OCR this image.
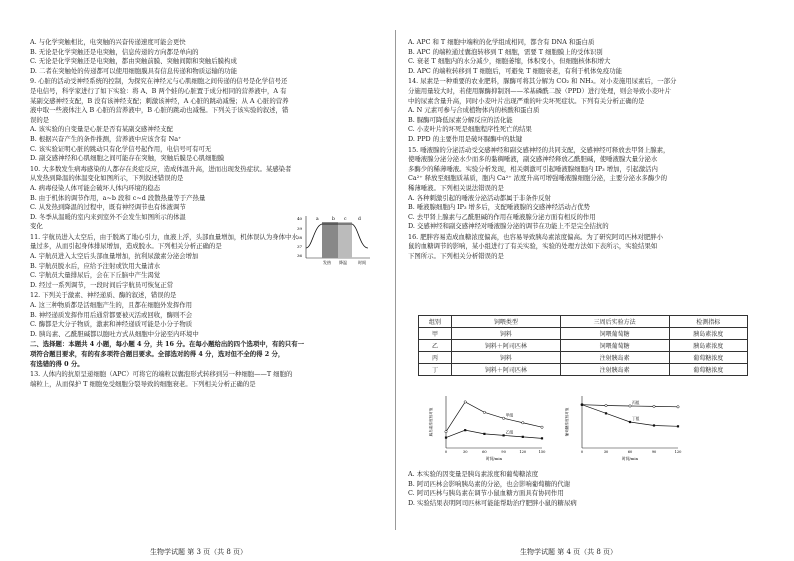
A. 与化学突触相比，电突触的兴奋传递速度可能会更快
B. 无论是化学突触还是电突触，信息传递的方向都是单向的
C. 无论是化学突触还是电突触，都由突触前膜、突触间隙和突触后膜构成
D. 二者在突触处的传递都可以使用细胞膜具有信息传递和物质运输的功能
9. 心脏的活动受神经系统的控制，为探究在神经元与心肌细胞之间传递的信号是化学信号还
是电信号，科学家进行了如下实验：将 A、B 两个蛙的心脏置于成分相同的营养液中，A 有
某副交感神经支配，B 没有该神经支配；刺激该神经，A 心脏的跳动减慢；从 A 心脏的营养
液中取一些液体注入 B 心脏的营养液中，B 心脏的跳动也减慢。下列关于该实验的叙述，错
误的是
A. 该实验的自变量是心脏是否有某副交感神经支配
B. 根据兴奋产生的条件推测，营养液中应该含有 Na⁺
C. 该实验证明心脏的跳动只有化学信号起作用，电信号可有可无
D. 副交感神经和心肌细胞之间可能存在突触，突触后膜是心肌细胞膜
10. 大多数发生病毒感染的人都存在炎症反应，造成体温升高，进而出现发热症状。某感染者
从发热到降温的体温变化如图所示，下列叙述错误的是
A. 病毒侵染人体可能会破坏人体内环境的稳态
B. 由于机体的调节作用，a~b 段和 c~d 段散热量等于产热量
C. 从发热到降温的过程中，既有神经调节也有体液调节
D. 冬季从温暖的室内来到室外不会发生如图所示的体温
变化
11. 宇航员进入太空后，由于脱离了地心引力，血液上浮，头部血量增加，机体误认为身体中水
量过多，从而引起身体排尿增加，造成脱水。下列相关分析正确的是
A. 宇航员进入太空后头部血量增加，抗利尿激素分泌会增加
B. 宇航员脱水后，应给予注射或饮用大量清水
C. 宇航员大量排尿后，会在下丘脑中产生渴觉
D. 经过一系列调节，一段时间后宇航员可恢复正常
12. 下列关于激素、神经递质、酶的叙述，错误的是
A. 这三种物质都是活细胞产生的，且都在细胞外发挥作用
B. 神经递质发挥作用后通常都要被灭活或回收，酶则不会
C. 酶都是大分子物质，激素和神经递质可能是小分子物质
D. 胰岛素、乙酰胆碱都以胞吐方式从细胞中分泌至内环境中
二、选择题：本题共 4 小题，每小题 4 分，共 16 分。在每小题给出的四个选项中，有的只有一
项符合题目要求，有的有多项符合题目要求。全部选对的得 4 分，选对但不全的得 2 分，
有选错的得 0 分。
13. 人体内的抗原呈递细胞（APC）可将它的端粒以囊泡形式转移到另一种细胞——T 细胞的
端粒上，从而保护 T 细胞免受细胞分裂导致的细胞衰老。下列相关分析正确的是
40
39
38
37
36
a	b c	d
发热 降温	时间
A. APC 和 T 细胞中端粒的化学组成相同，都含有 DNA 和蛋白质
B. APC 的端粒通过囊泡转移到 T 细胞，需要 T 细胞膜上的受体识别
C. 衰老 T 细胞内的水分减少，细胞萎缩，体积变小，但细胞核体积增大
D. APC 的端粒转移到 T 细胞后，可避免 T 细胞衰老，有利于机体免疫功能
14. 尿素是一种重要的农业肥料，脲酶可将其分解为 CO₂ 和 NH₃。对小麦施用尿素后，一部分
分施用量较大时，若使用脲酶抑制剂——苯基磷酰二胺（PPD）进行处理，则会导致小麦叶片
中的尿素含量升高，同时小麦叶片出现严重的叶尖坏死症状。下列有关分析正确的是
A. N 元素可参与合成植物体内的核酸和蛋白质
B. 脲酶可降低尿素分解反应的活化能
C. 小麦叶片的坏死是细胞程序性死亡的结果
D. PPD 的主要作用是破坏脲酶中的肽键
15. 唾液腺的分泌活动受交感神经和副交感神经的共同支配，交感神经可释放去甲肾上腺素，
使唾液腺分泌分泌水少而多的黏稠唾液，副交感神经释放乙酰胆碱，使唾液腺大量分泌水
多酶少的稀薄唾液。实验分析发现，相关刺激可引起唾液腺细胞内 IP₃ 增加，引起激活内
Ca²⁺ 释放至细胞质基质，胞内 Ca²⁺ 浓度升高可增强唾液腺细胞分泌，主要分泌水多酶少的
稀薄唾液。下列相关说法错误的是
A. 各种刺激引起的唾液分泌活动都属于非条件反射
B. 唾液腺细胞内 IP₃ 增多后，支配唾液腺的交感神经活动占优势
C. 去甲肾上腺素与乙酰胆碱的作用在唾液腺分泌方面有相反的作用
D. 交感神经和副交感神经对唾液腺分泌的调节在功能上不是完全拮抗的
16. 肥胖容易造成血糖浓度偏高，也容易导致胰岛素浓度偏高。为了研究阿司匹林对肥胖小
鼠的血糖调节的影响，某小组进行了有关实验，实验的处理方法如下表所示，实验结果如
下图所示。下列相关分析错误的是
组别	饲喂类型	三周后实验方法	检测指标
甲	饲料	饲喂葡萄糖	胰岛素浓度
乙	饲料＋阿司匹林	饲喂葡萄糖	胰岛素浓度
丙	饲料	注射胰岛素	葡萄糖浓度
丁	饲料＋阿司匹林	注射胰岛素	葡萄糖浓度
0	30	60	90	120	150
胰岛素浓度相对值
时间/min
甲组
乙组
0	30	60	90	120
葡萄糖浓度相对值
时间/min
丙组
丁组
A. 本实验的因变量是胰岛素浓度和葡萄糖浓度
B. 阿司匹林会影响胰岛素的分泌，也会影响葡萄糖的代谢
C. 阿司匹林与胰岛素在调节小鼠血糖方面具有协同作用
D. 实验结果表明阿司匹林可能能帮助治疗肥胖小鼠的糖尿病
生物学试题 第 3 页（共 8 页）	生物学试题 第 4 页（共 8 页）
